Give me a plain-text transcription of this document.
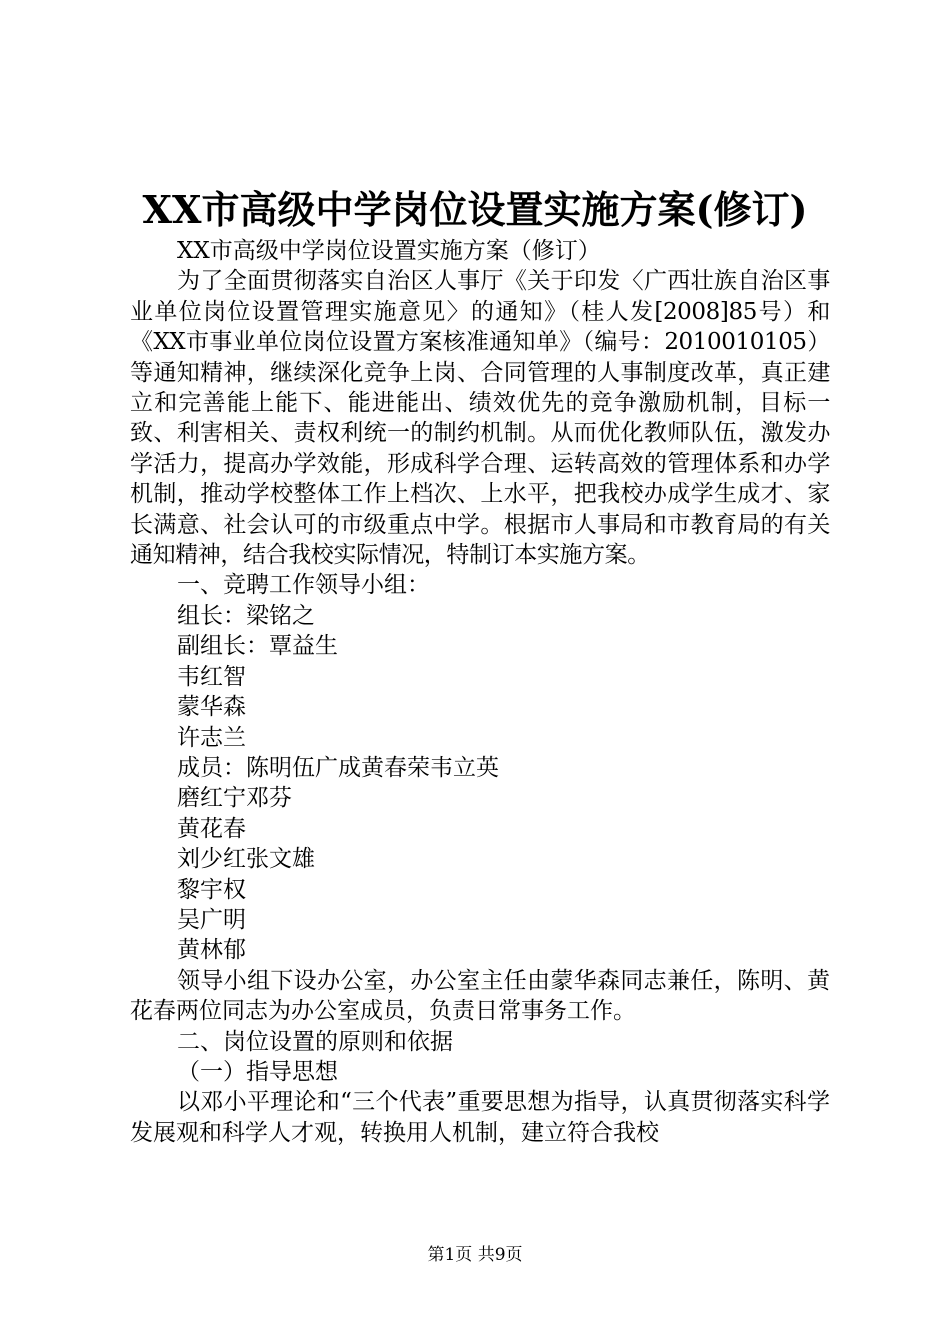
XX市高级中学岗位设置实施方案(修订)

XX市高级中学岗位设置实施方案（修订）

为了全面贯彻落实自治区人事厅《关于印发〈广西壮族自治区事业单位岗位设置管理实施意见〉的通知》（桂人发[2008]85号）和《XX市事业单位岗位设置方案核准通知单》（编号：2010010105）等通知精神，继续深化竞争上岗、合同管理的人事制度改革，真正建立和完善能上能下、能进能出、绩效优先的竞争激励机制，目标一致、利害相关、责权利统一的制约机制。从而优化教师队伍，激发办学活力，提高办学效能，形成科学合理、运转高效的管理体系和办学机制，推动学校整体工作上档次、上水平，把我校办成学生成才、家长满意、社会认可的市级重点中学。根据市人事局和市教育局的有关通知精神，结合我校实际情况，特制订本实施方案。

一、竞聘工作领导小组：

组长：梁铭之

副组长：覃益生

韦红智

蒙华森

许志兰

成员：陈明伍广成黄春荣韦立英

磨红宁邓芬

黄花春

刘少红张文雄

黎宇权

吴广明

黄林郁

领导小组下设办公室，办公室主任由蒙华森同志兼任，陈明、黄花春两位同志为办公室成员，负责日常事务工作。

二、岗位设置的原则和依据

（一）指导思想

以邓小平理论和“三个代表”重要思想为指导，认真贯彻落实科学发展观和科学人才观，转换用人机制，建立符合我校

第1页 共9页
